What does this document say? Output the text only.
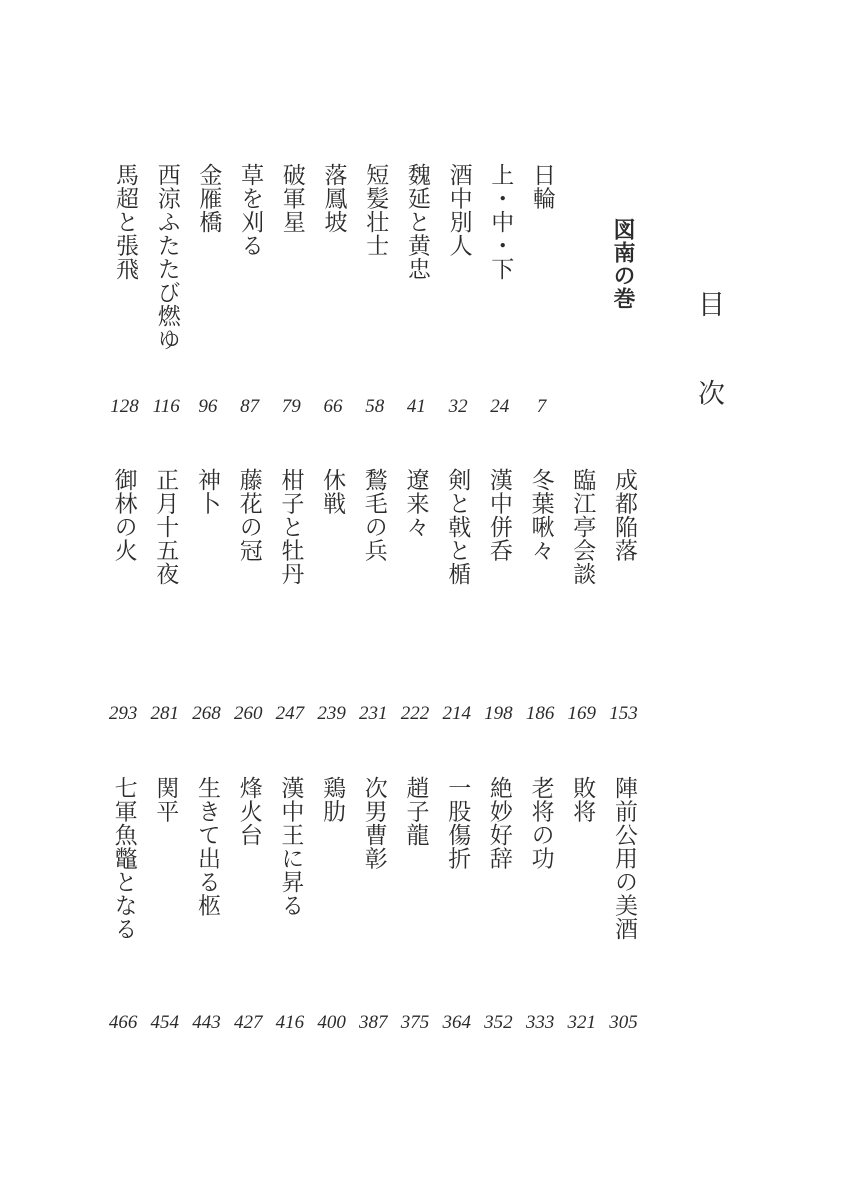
目次
図南の巻
日輪
7
上・中・下
24
酒中別人
32
魏延と黄忠
41
短髪壮士
58
落鳳坡
66
破軍星
79
草を刈る
87
金雁橋
96
西涼ふたたび燃ゆ
116
馬超と張飛
128
成都陥落
153
臨江亭会談
169
冬葉啾々
186
漢中併呑
198
剣と戟と楯
214
遼来々
222
鶖毛の兵
231
休戦
239
柑子と牡丹
247
藤花の冠
260
神卜
268
正月十五夜
281
御林の火
293
陣前公用の美酒
305
敗将
321
老将の功
333
絶妙好辞
352
一股傷折
364
趙子龍
375
次男曹彰
387
鶏肋
400
漢中王に昇る
416
烽火台
427
生きて出る柩
443
関平
454
七軍魚鼈となる
466
